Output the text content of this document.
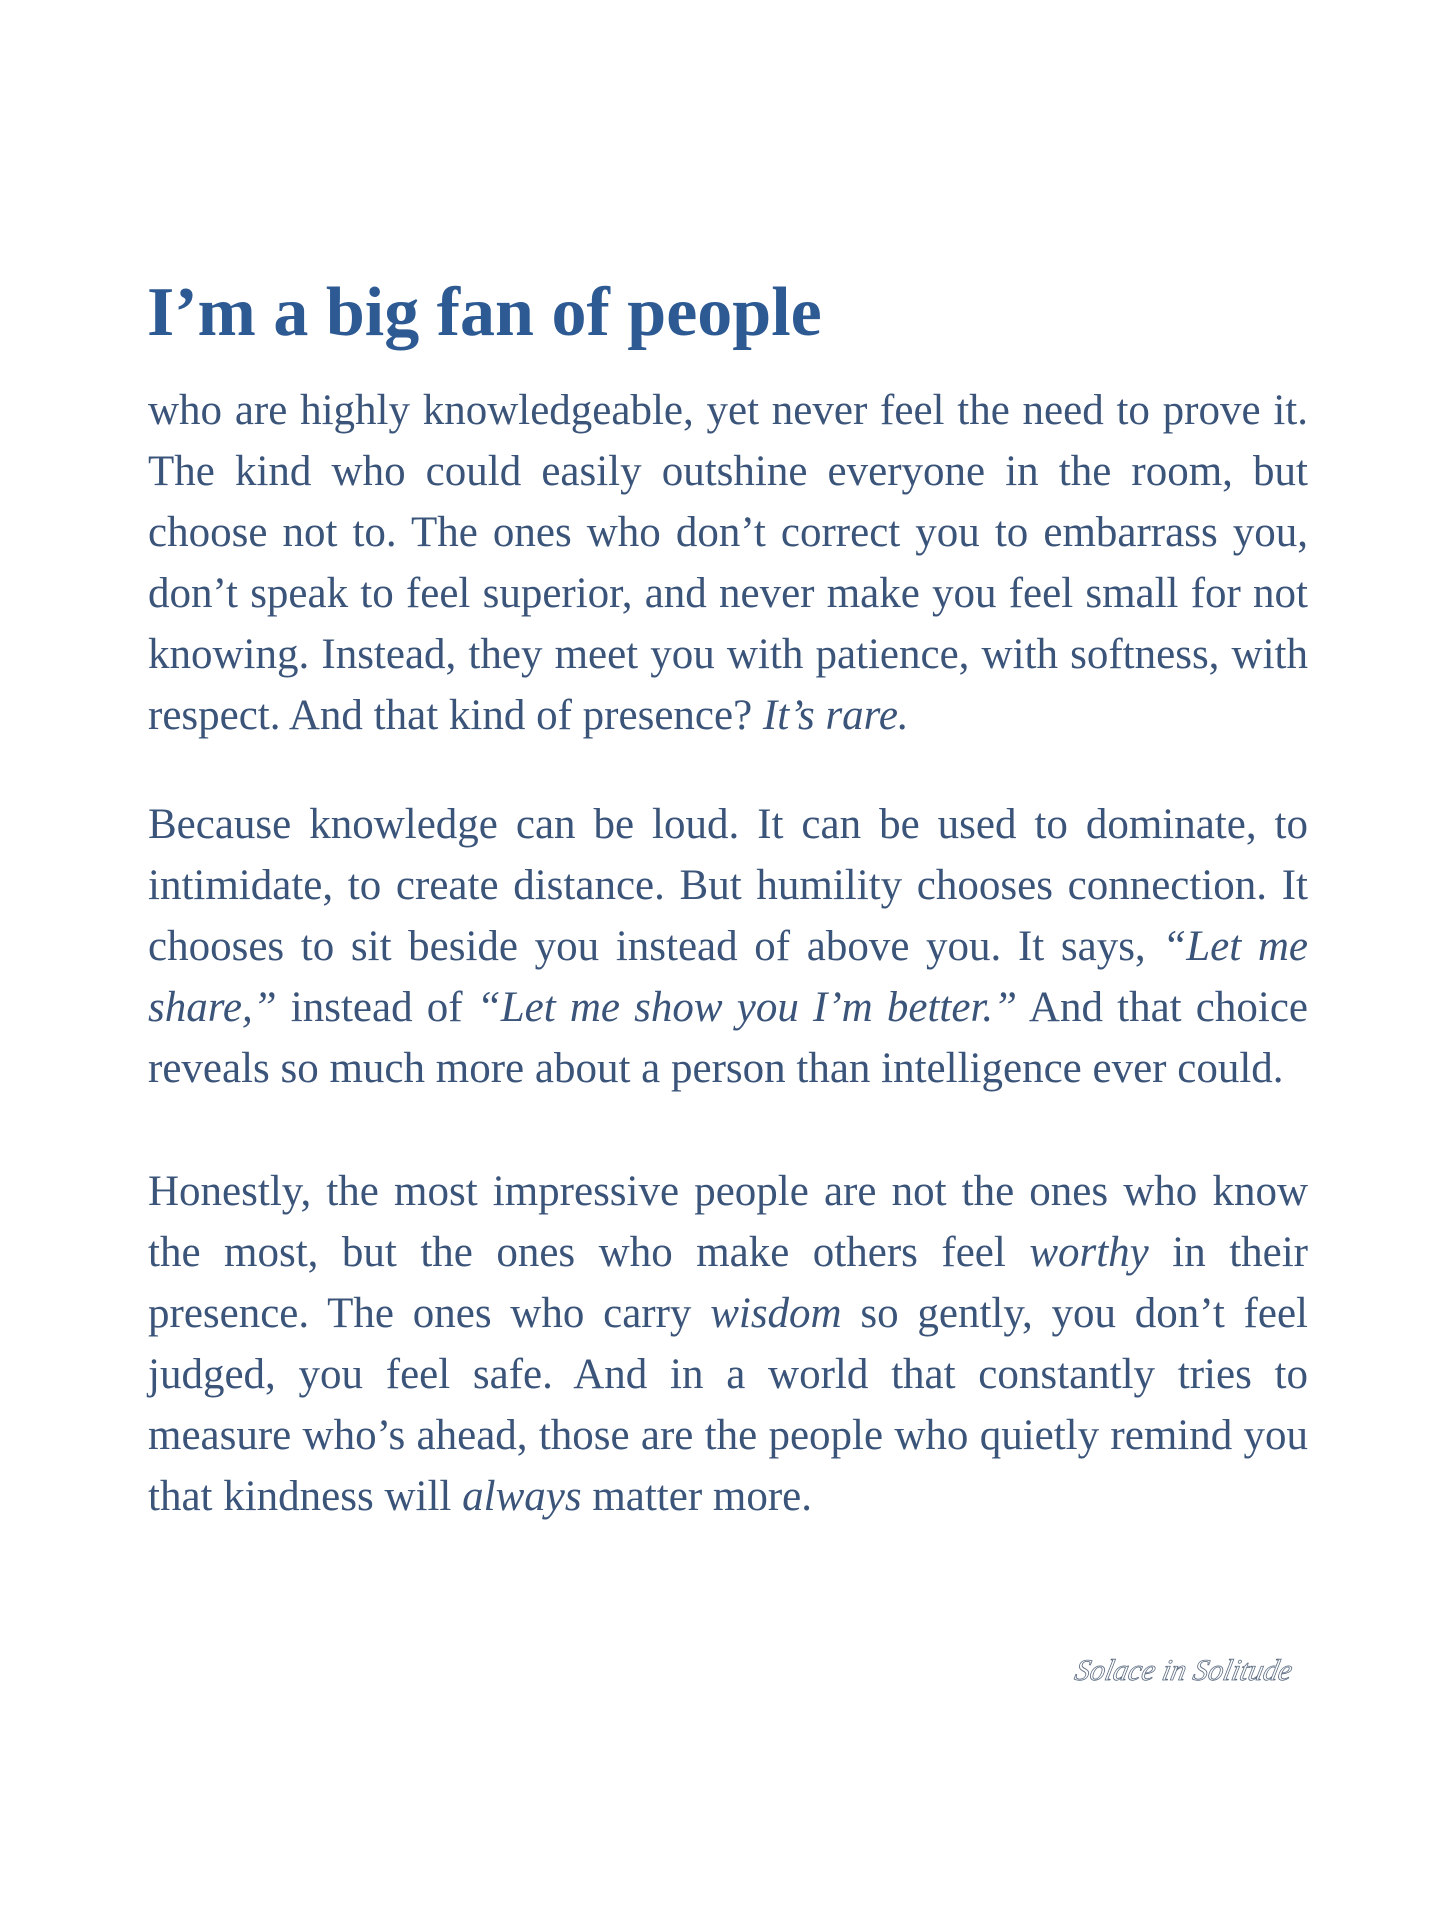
I’m a big fan of people

who are highly knowledgeable, yet never feel the need to prove it. The kind who could easily outshine everyone in the room, but choose not to. The ones who don’t correct you to embarrass you, don’t speak to feel superior, and never make you feel small for not knowing. Instead, they meet you with patience, with softness, with respect. And that kind of presence? It’s rare.

Because knowledge can be loud. It can be used to dominate, to intimidate, to create distance. But humility chooses connection. It chooses to sit beside you instead of above you. It says, “Let me share,” instead of “Let me show you I’m better.” And that choice reveals so much more about a person than intelligence ever could.

Honestly, the most impressive people are not the ones who know the most, but the ones who make others feel worthy in their presence. The ones who carry wisdom so gently, you don’t feel judged, you feel safe. And in a world that constantly tries to measure who’s ahead, those are the people who quietly remind you that kindness will always matter more.

Solace in Solitude
